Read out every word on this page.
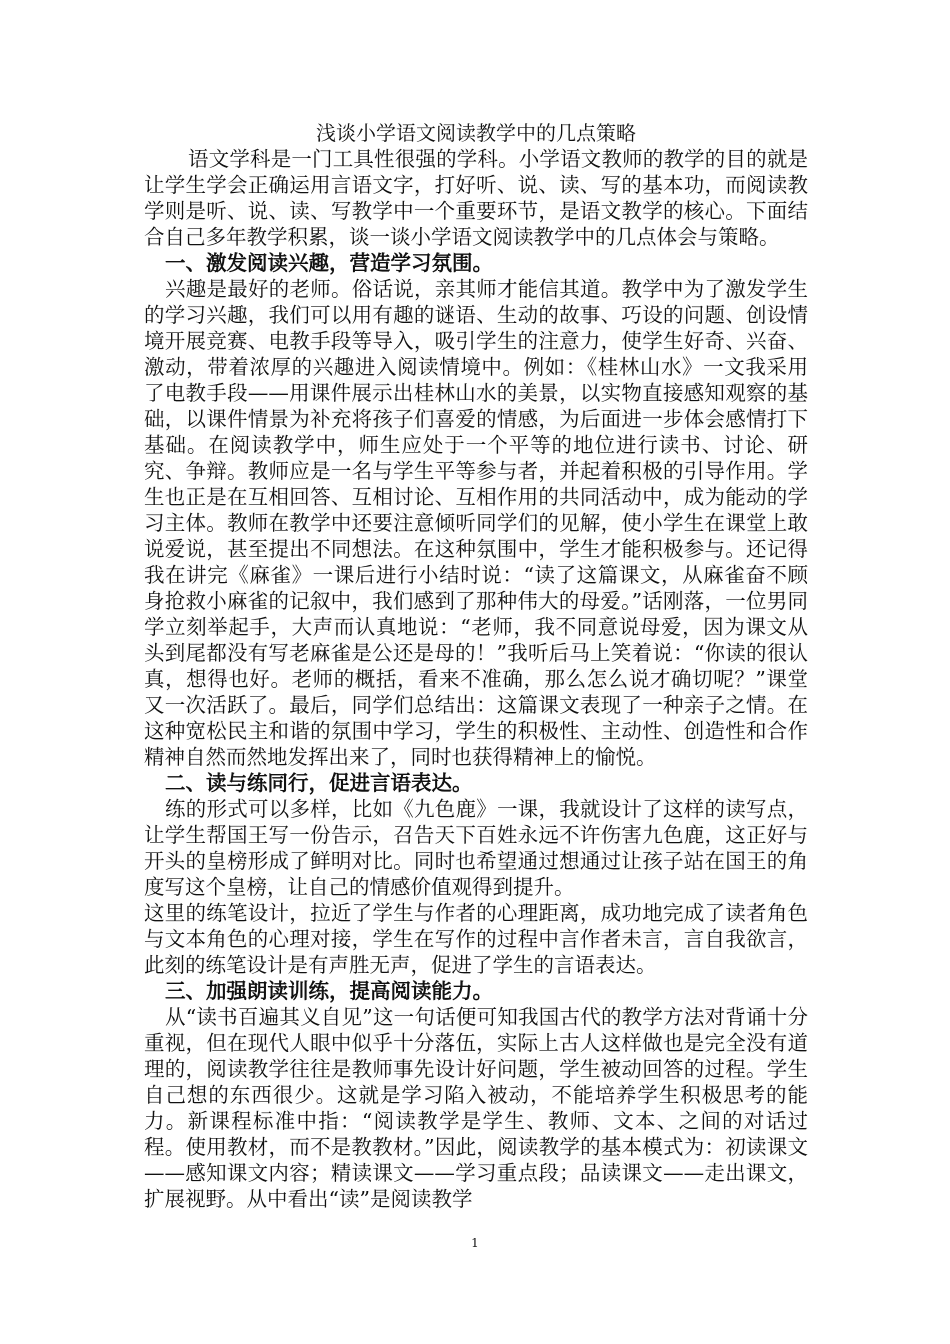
浅谈小学语文阅读教学中的几点策略

语文学科是一门工具性很强的学科。小学语文教师的教学的目的就是让学生学会正确运用言语文字，打好听、说、读、写的基本功，而阅读教学则是听、说、读、写教学中一个重要环节，是语文教学的核心。下面结合自己多年教学积累，谈一谈小学语文阅读教学中的几点体会与策略。

一、激发阅读兴趣，营造学习氛围。

兴趣是最好的老师。俗话说，亲其师才能信其道。教学中为了激发学生的学习兴趣，我们可以用有趣的谜语、生动的故事、巧设的问题、创设情境开展竞赛、电教手段等导入，吸引学生的注意力，使学生好奇、兴奋、激动，带着浓厚的兴趣进入阅读情境中。例如：《桂林山水》一文我采用了电教手段——用课件展示出桂林山水的美景，以实物直接感知观察的基础，以课件情景为补充将孩子们喜爱的情感，为后面进一步体会感情打下基础。在阅读教学中，师生应处于一个平等的地位进行读书、讨论、研究、争辩。教师应是一名与学生平等参与者，并起着积极的引导作用。学生也正是在互相回答、互相讨论、互相作用的共同活动中，成为能动的学习主体。教师在教学中还要注意倾听同学们的见解，使小学生在课堂上敢说爱说，甚至提出不同想法。在这种氛围中，学生才能积极参与。还记得我在讲完《麻雀》一课后进行小结时说：“读了这篇课文，从麻雀奋不顾身抢救小麻雀的记叙中，我们感到了那种伟大的母爱。”话刚落，一位男同学立刻举起手，大声而认真地说：“老师，我不同意说母爱，因为课文从头到尾都没有写老麻雀是公还是母的！”我听后马上笑着说：“你读的很认真，想得也好。老师的概括，看来不准确，那么怎么说才确切呢？”课堂又一次活跃了。最后，同学们总结出：这篇课文表现了一种亲子之情。在这种宽松民主和谐的氛围中学习，学生的积极性、主动性、创造性和合作精神自然而然地发挥出来了，同时也获得精神上的愉悦。

二、读与练同行，促进言语表达。

练的形式可以多样，比如《九色鹿》一课，我就设计了这样的读写点，让学生帮国王写一份告示，召告天下百姓永远不许伤害九色鹿，这正好与开头的皇榜形成了鲜明对比。同时也希望通过想通过让孩子站在国王的角度写这个皇榜，让自己的情感价值观得到提升。

这里的练笔设计，拉近了学生与作者的心理距离，成功地完成了读者角色与文本角色的心理对接，学生在写作的过程中言作者未言，言自我欲言，此刻的练笔设计是有声胜无声，促进了学生的言语表达。

三、加强朗读训练，提高阅读能力。

从“读书百遍其义自见”这一句话便可知我国古代的教学方法对背诵十分重视，但在现代人眼中似乎十分落伍，实际上古人这样做也是完全没有道理的，阅读教学往往是教师事先设计好问题，学生被动回答的过程。学生自己想的东西很少。这就是学习陷入被动，不能培养学生积极思考的能力。新课程标准中指：“阅读教学是学生、教师、文本、之间的对话过程。使用教材，而不是教教材。”因此，阅读教学的基本模式为：初读课文——感知课文内容；精读课文——学习重点段；品读课文——走出课文，扩展视野。从中看出“读”是阅读教学

1
